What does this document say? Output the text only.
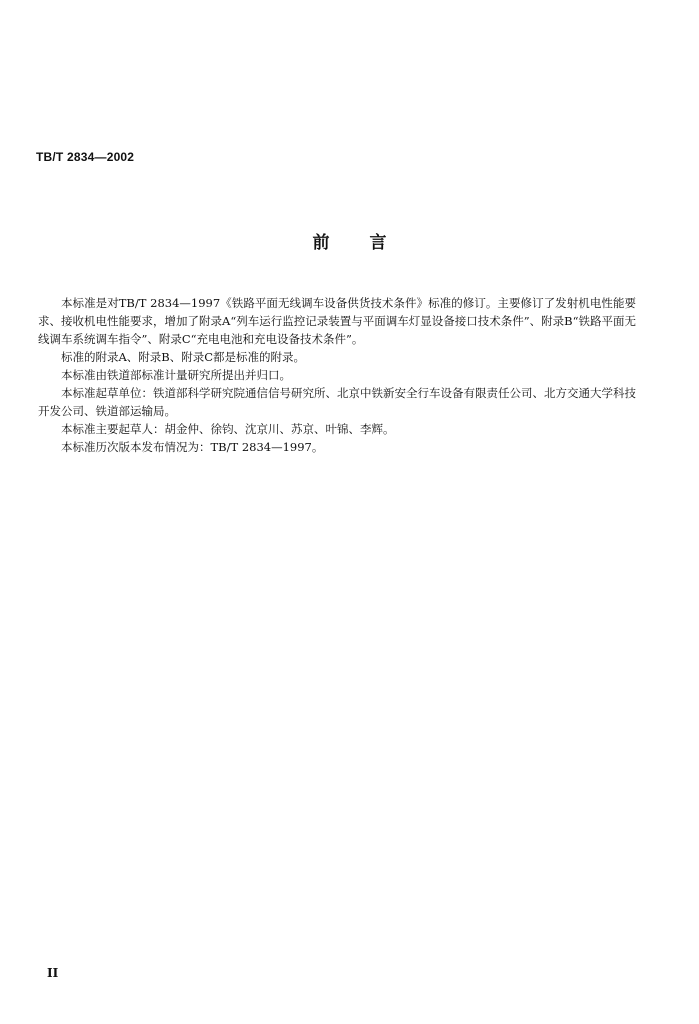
TB/T 2834—2002
前言

本标准是对TB/T 2834—1997《铁路平面无线调车设备供货技术条件》标准的修订。主要修订了发射机电性能要求、接收机电性能要求，增加了附录A“列车运行监控记录装置与平面调车灯显设备接口技术条件”、附录B“铁路平面无线调车系统调车指令”、附录C“充电电池和充电设备技术条件”。

标准的附录A、附录B、附录C都是标准的附录。

本标准由铁道部标准计量研究所提出并归口。

本标准起草单位：铁道部科学研究院通信信号研究所、北京中铁新安全行车设备有限责任公司、北方交通大学科技开发公司、铁道部运输局。

本标准主要起草人：胡金仲、徐钧、沈京川、苏京、叶锦、李辉。

本标准历次版本发布情况为：TB/T 2834—1997。

II
